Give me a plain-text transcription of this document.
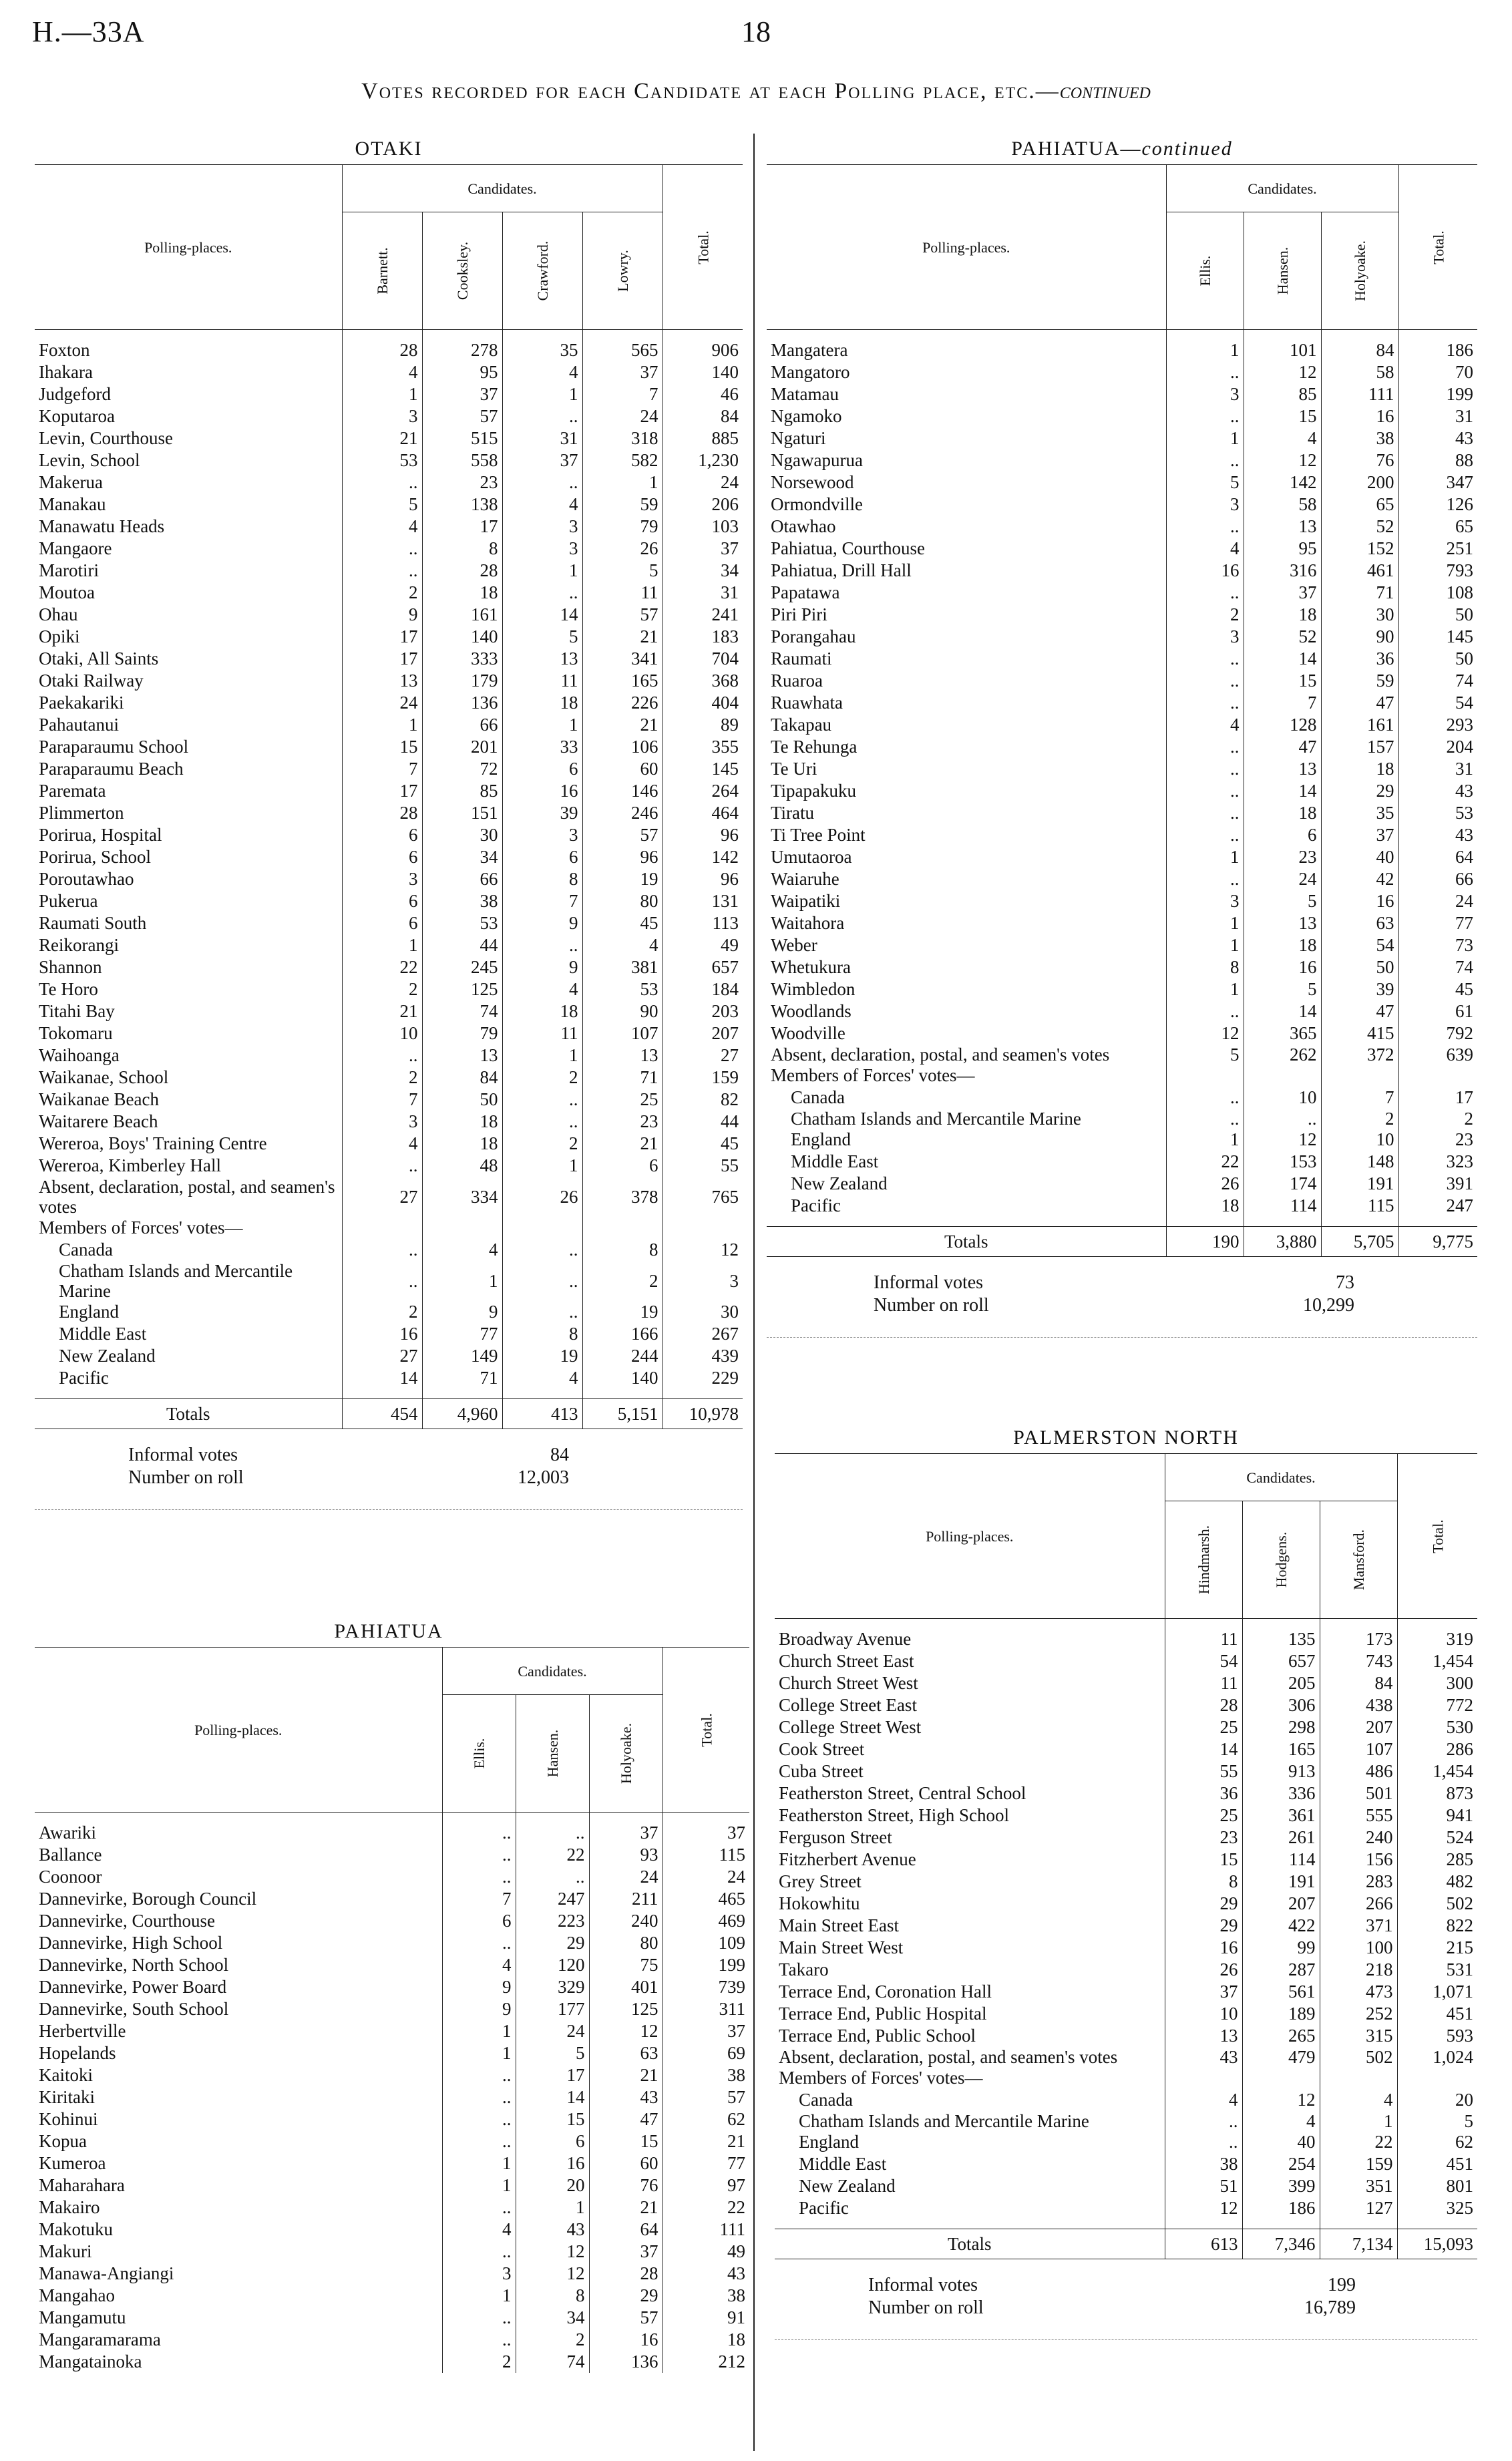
H.—33A	18
Votes recorded for each Candidate at each Polling place, etc.—continued
OTAKI
Polling-places.	Candidates.				Total.

	Barnett.	Cooksley.	Crawford.	Lowry.	

Foxton	28	278	35	565	906
Ihakara	4	95	4	37	140
Judgeford	1	37	1	7	46
Koputaroa	3	57	..	24	84
Levin, Courthouse	21	515	31	318	885
Levin, School	53	558	37	582	1,230
Makerua	..	23	..	1	24
Manakau	5	138	4	59	206
Manawatu Heads	4	17	3	79	103
Mangaore	..	8	3	26	37
Marotiri	..	28	1	5	34
Moutoa	2	18	..	11	31
Ohau	9	161	14	57	241
Opiki	17	140	5	21	183
Otaki, All Saints	17	333	13	341	704
Otaki Railway	13	179	11	165	368
Paekakariki	24	136	18	226	404
Pahautanui	1	66	1	21	89
Paraparaumu School	15	201	33	106	355
Paraparaumu Beach	7	72	6	60	145
Paremata	17	85	16	146	264
Plimmerton	28	151	39	246	464
Porirua, Hospital	6	30	3	57	96
Porirua, School	6	34	6	96	142
Poroutawhao	3	66	8	19	96
Pukerua	6	38	7	80	131
Raumati South	6	53	9	45	113
Reikorangi	1	44	..	4	49
Shannon	22	245	9	381	657
Te Horo	2	125	4	53	184
Titahi Bay	21	74	18	90	203
Tokomaru	10	79	11	107	207
Waihoanga	..	13	1	13	27
Waikanae, School	2	84	2	71	159
Waikanae Beach	7	50	..	25	82
Waitarere Beach	3	18	..	23	44
Wereroa, Boys' Training Centre	4	18	2	21	45
Wereroa, Kimberley Hall	..	48	1	6	55
Absent, declaration, postal, and seamen's votes	27	334	26	378	765
Members of Forces' votes—					
Canada	..	4	..	8	12
Chatham Islands and Mercantile Marine	..	1	..	2	3
England	2	9	..	19	30
Middle East	16	77	8	166	267
New Zealand	27	149	19	244	439
Pacific	14	71	4	140	229

Totals	454	4,960	413	5,151	10,978
Informal votes	84
Number on roll	12,003
PAHIATUA
Polling-places.	Candidates.			Total.

	Ellis.	Hansen.	Holyoake.	

Awariki	..	..	37	37
Ballance	..	22	93	115
Coonoor	..	..	24	24
Dannevirke, Borough Council	7	247	211	465
Dannevirke, Courthouse	6	223	240	469
Dannevirke, High School	..	29	80	109
Dannevirke, North School	4	120	75	199
Dannevirke, Power Board	9	329	401	739
Dannevirke, South School	9	177	125	311
Herbertville	1	24	12	37
Hopelands	1	5	63	69
Kaitoki	..	17	21	38
Kiritaki	..	14	43	57
Kohinui	..	15	47	62
Kopua	..	6	15	21
Kumeroa	1	16	60	77
Maharahara	1	20	76	97
Makairo	..	1	21	22
Makotuku	4	43	64	111
Makuri	..	12	37	49
Manawa-Angiangi	3	12	28	43
Mangahao	1	8	29	38
Mangamutu	..	34	57	91
Mangaramarama	..	2	16	18
Mangatainoka	2	74	136	212
PAHIATUA—continued
Polling-places.	Candidates.			Total.

	Ellis.	Hansen.	Holyoake.	

Mangatera	1	101	84	186
Mangatoro	..	12	58	70
Matamau	3	85	111	199
Ngamoko	..	15	16	31
Ngaturi	1	4	38	43
Ngawapurua	..	12	76	88
Norsewood	5	142	200	347
Ormondville	3	58	65	126
Otawhao	..	13	52	65
Pahiatua, Courthouse	4	95	152	251
Pahiatua, Drill Hall	16	316	461	793
Papatawa	..	37	71	108
Piri Piri	2	18	30	50
Porangahau	3	52	90	145
Raumati	..	14	36	50
Ruaroa	..	15	59	74
Ruawhata	..	7	47	54
Takapau	4	128	161	293
Te Rehunga	..	47	157	204
Te Uri	..	13	18	31
Tipapakuku	..	14	29	43
Tiratu	..	18	35	53
Ti Tree Point	..	6	37	43
Umutaoroa	1	23	40	64
Waiaruhe	..	24	42	66
Waipatiki	3	5	16	24
Waitahora	1	13	63	77
Weber	1	18	54	73
Whetukura	8	16	50	74
Wimbledon	1	5	39	45
Woodlands	..	14	47	61
Woodville	12	365	415	792
Absent, declaration, postal, and seamen's votes	5	262	372	639
Members of Forces' votes—				
Canada	..	10	7	17
Chatham Islands and Mercantile Marine	..	..	2	2
England	1	12	10	23
Middle East	22	153	148	323
New Zealand	26	174	191	391
Pacific	18	114	115	247

Totals	190	3,880	5,705	9,775
Informal votes	73
Number on roll	10,299
PALMERSTON NORTH
Polling-places.	Candidates.			Total.

	Hindmarsh.	Hodgens.	Mansford.	

Broadway Avenue	11	135	173	319
Church Street East	54	657	743	1,454
Church Street West	11	205	84	300
College Street East	28	306	438	772
College Street West	25	298	207	530
Cook Street	14	165	107	286
Cuba Street	55	913	486	1,454
Featherston Street, Central School	36	336	501	873
Featherston Street, High School	25	361	555	941
Ferguson Street	23	261	240	524
Fitzherbert Avenue	15	114	156	285
Grey Street	8	191	283	482
Hokowhitu	29	207	266	502
Main Street East	29	422	371	822
Main Street West	16	99	100	215
Takaro	26	287	218	531
Terrace End, Coronation Hall	37	561	473	1,071
Terrace End, Public Hospital	10	189	252	451
Terrace End, Public School	13	265	315	593
Absent, declaration, postal, and seamen's votes	43	479	502	1,024
Members of Forces' votes—				
Canada	4	12	4	20
Chatham Islands and Mercantile Marine	..	4	1	5
England	..	40	22	62
Middle East	38	254	159	451
New Zealand	51	399	351	801
Pacific	12	186	127	325

Totals	613	7,346	7,134	15,093
Informal votes	199
Number on roll	16,789
